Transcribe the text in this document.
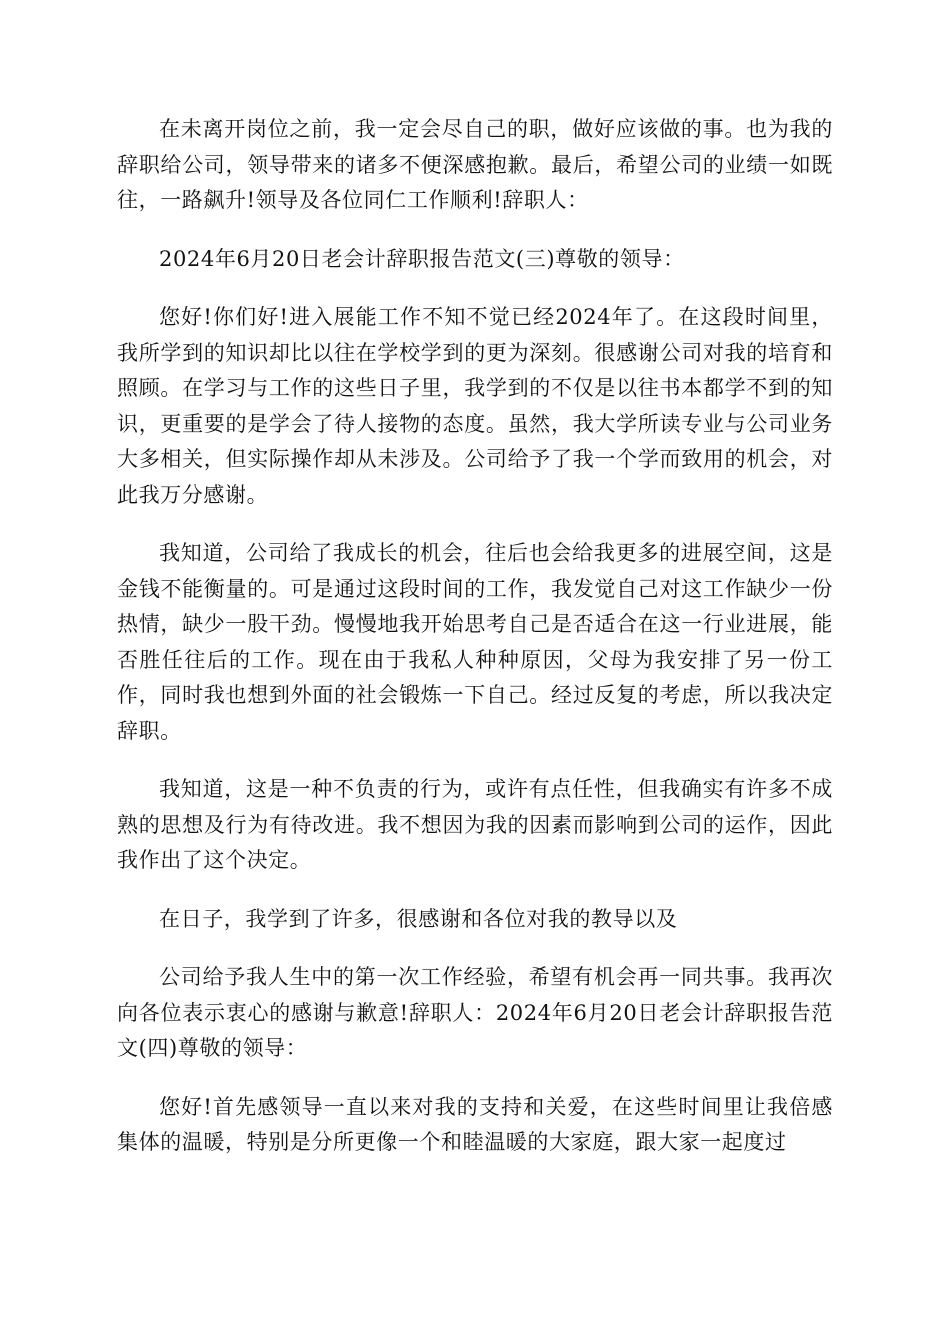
在未离开岗位之前，我一定会尽自己的职，做好应该做的事。也为我的辞职给公司，领导带来的诸多不便深感抱歉。最后，希望公司的业绩一如既往，一路飙升!领导及各位同仁工作顺利!辞职人：

2024年6月20日老会计辞职报告范文(三)尊敬的领导：

您好!你们好!进入展能工作不知不觉已经2024年了。在这段时间里，我所学到的知识却比以往在学校学到的更为深刻。很感谢公司对我的培育和照顾。在学习与工作的这些日子里，我学到的不仅是以往书本都学不到的知识，更重要的是学会了待人接物的态度。虽然，我大学所读专业与公司业务大多相关，但实际操作却从未涉及。公司给予了我一个学而致用的机会，对此我万分感谢。

我知道，公司给了我成长的机会，往后也会给我更多的进展空间，这是金钱不能衡量的。可是通过这段时间的工作，我发觉自己对这工作缺少一份热情，缺少一股干劲。慢慢地我开始思考自己是否适合在这一行业进展，能否胜任往后的工作。现在由于我私人种种原因，父母为我安排了另一份工作，同时我也想到外面的社会锻炼一下自己。经过反复的考虑，所以我决定辞职。

我知道，这是一种不负责的行为，或许有点任性，但我确实有许多不成熟的思想及行为有待改进。我不想因为我的因素而影响到公司的运作，因此我作出了这个决定。

在日子，我学到了许多，很感谢和各位对我的教导以及

公司给予我人生中的第一次工作经验，希望有机会再一同共事。我再次向各位表示衷心的感谢与歉意!辞职人：2024年6月20日老会计辞职报告范文(四)尊敬的领导：

您好!首先感领导一直以来对我的支持和关爱，在这些时间里让我倍感集体的温暖，特别是分所更像一个和睦温暖的大家庭，跟大家一起度过
